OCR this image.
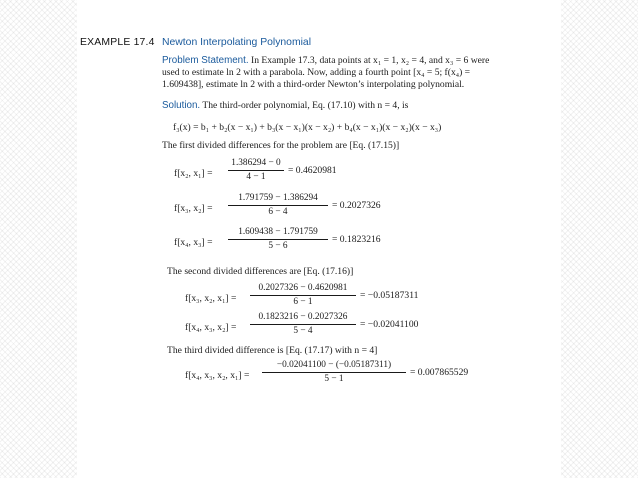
EXAMPLE 17.4 Newton Interpolating Polynomial
Problem Statement. In Example 17.3, data points at x₁ = 1, x₂ = 4, and x₃ = 6 were
used to estimate ln 2 with a parabola. Now, adding a fourth point [x₄ = 5; f(x₄) =
1.609438], estimate ln 2 with a third-order Newton’s interpolating polynomial.
Solution. The third-order polynomial, Eq. (17.10) with n = 4, is
f₃(x) = b₁ + b₂(x − x₁) + b₃(x − x₁)(x − x₂) + b₄(x − x₁)(x − x₂)(x − x₃)
The first divided differences for the problem are [Eq. (17.15)]
f[x₂, x₁] =
1.386294 − 0
4 − 1
= 0.4620981
f[x₃, x₂] =
1.791759 − 1.386294
6 − 4
= 0.2027326
f[x₄, x₃] =
1.609438 − 1.791759
5 − 6
= 0.1823216
The second divided differences are [Eq. (17.16)]
f[x₃, x₂, x₁] =
0.2027326 − 0.4620981
6 − 1
= −0.05187311
f[x₄, x₃, x₂] =
0.1823216 − 0.2027326
5 − 4
= −0.02041100
The third divided difference is [Eq. (17.17) with n = 4]
f[x₄, x₃, x₂, x₁] =
−0.02041100 − (−0.05187311)
5 − 1
= 0.007865529
